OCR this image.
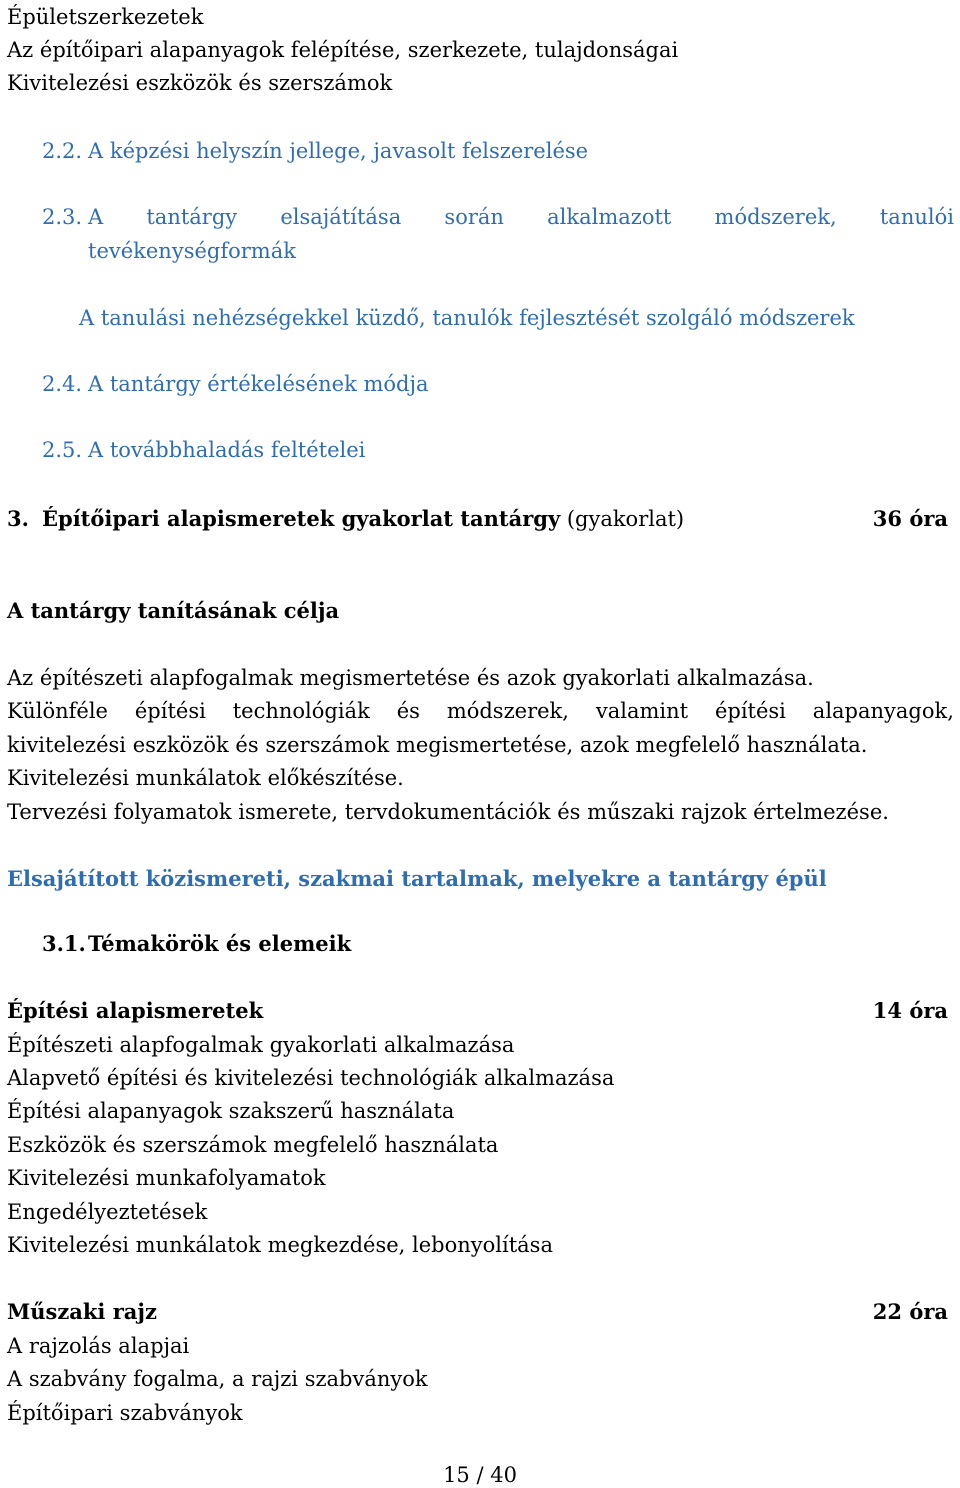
Épületszerkezetek
Az építőipari alapanyagok felépítése, szerkezete, tulajdonságai
Kivitelezési eszközök és szerszámok
2.2. A képzési helyszín jellege, javasolt felszerelése
2.3. A tantárgy elsajátítása során alkalmazott módszerek, tanulói
tevékenységformák
A tanulási nehézségekkel küzdő, tanulók fejlesztését szolgáló módszerek
2.4. A tantárgy értékelésének módja
2.5. A továbbhaladás feltételei
3. Építőipari alapismeretek gyakorlat tantárgy (gyakorlat)	36 óra
A tantárgy tanításának célja
Az építészeti alapfogalmak megismertetése és azok gyakorlati alkalmazása.
Különféle építési technológiák és módszerek, valamint építési alapanyagok,
kivitelezési eszközök és szerszámok megismertetése, azok megfelelő használata.
Kivitelezési munkálatok előkészítése.
Tervezési folyamatok ismerete, tervdokumentációk és műszaki rajzok értelmezése.
Elsajátított közismereti, szakmai tartalmak, melyekre a tantárgy épül
3.1. Témakörök és elemeik
Építési alapismeretek	14 óra
Építészeti alapfogalmak gyakorlati alkalmazása
Alapvető építési és kivitelezési technológiák alkalmazása
Építési alapanyagok szakszerű használata
Eszközök és szerszámok megfelelő használata
Kivitelezési munkafolyamatok
Engedélyeztetések
Kivitelezési munkálatok megkezdése, lebonyolítása
Műszaki rajz	22 óra
A rajzolás alapjai
A szabvány fogalma, a rajzi szabványok
Építőipari szabványok
15 / 40
